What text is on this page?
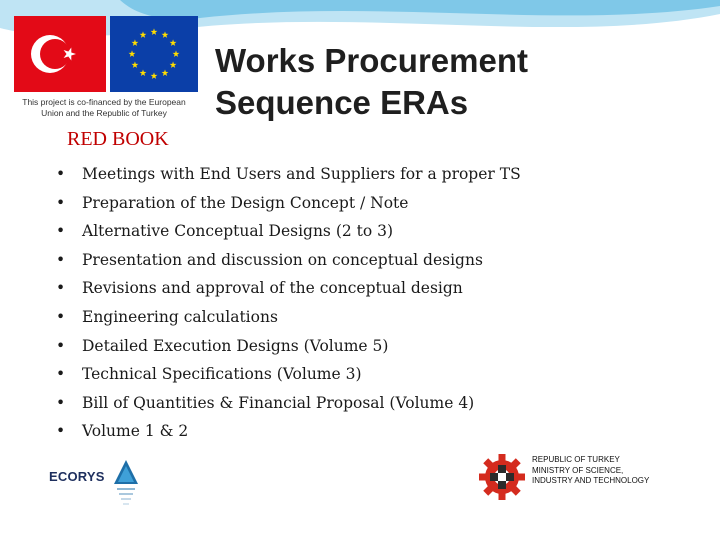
This project is co-financed by the European
Union and the Republic of Turkey
Works Procurement
Sequence ERAs
RED BOOK
• Meetings with End Users and Suppliers for a proper TS
• Preparation of the Design Concept / Note
• Alternative Conceptual Designs (2 to 3)
• Presentation and discussion on conceptual designs
• Revisions and approval of the conceptual design
• Engineering calculations
• Detailed Execution Designs (Volume 5)
• Technical Specifications (Volume 3)
• Bill of Quantities & Financial Proposal (Volume 4)
• Volume 1 & 2
ECORYS
REPUBLIC OF TURKEY
MINISTRY OF SCIENCE,
INDUSTRY AND TECHNOLOGY
